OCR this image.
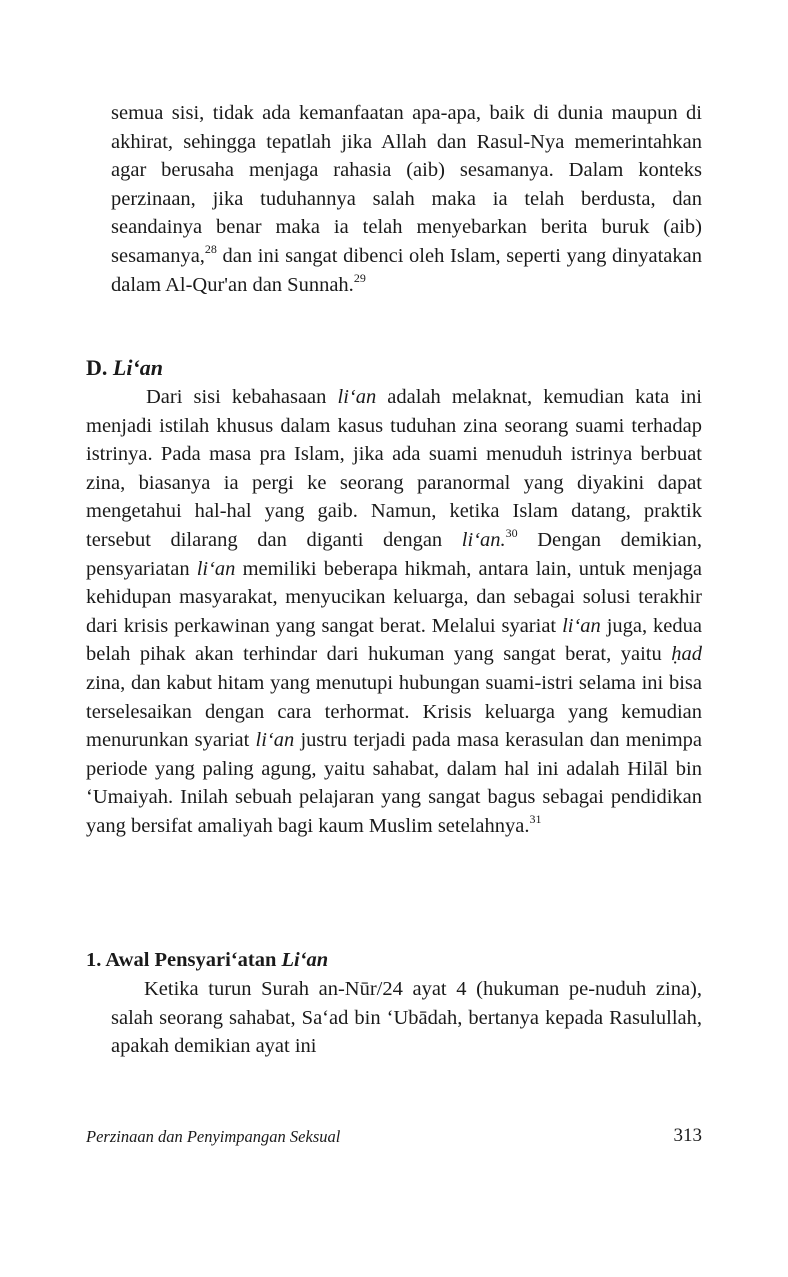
semua sisi, tidak ada kemanfaatan apa-apa, baik di dunia maupun di akhirat, sehingga tepatlah jika Allah dan Rasul-Nya memerintahkan agar berusaha menjaga rahasia (aib) sesamanya. Dalam konteks perzinaan, jika tuduhannya salah maka ia telah berdusta, dan seandainya benar maka ia telah menyebarkan berita buruk (aib) sesamanya,$^{28}$ dan ini sangat dibenci oleh Islam, seperti yang dinyatakan dalam Al-Qur'an dan Sunnah.$^{29}$

D. Li‘an

Dari sisi kebahasaan li‘an adalah melaknat, kemudian kata ini menjadi istilah khusus dalam kasus tuduhan zina seorang suami terhadap istrinya. Pada masa pra Islam, jika ada suami menuduh istrinya berbuat zina, biasanya ia pergi ke seorang paranormal yang diyakini dapat mengetahui hal-hal yang gaib. Namun, ketika Islam datang, praktik tersebut dilarang dan diganti dengan li‘an.$^{30}$ Dengan demikian, pensyariatan li‘an memiliki beberapa hikmah, antara lain, untuk menjaga kehidupan masyarakat, menyucikan keluarga, dan sebagai solusi terakhir dari krisis perkawinan yang sangat berat. Melalui syariat li‘an juga, kedua belah pihak akan terhindar dari hukuman yang sangat berat, yaitu ḥad zina, dan kabut hitam yang menutupi hubungan suami-istri selama ini bisa terselesaikan dengan cara terhormat. Krisis keluarga yang kemudian menurunkan syariat li‘an justru terjadi pada masa kerasulan dan menimpa periode yang paling agung, yaitu sahabat, dalam hal ini adalah Hilāl bin ‘Umaiyah. Inilah sebuah pelajaran yang sangat bagus sebagai pendidikan yang bersifat amaliyah bagi kaum Muslim setelahnya.$^{31}$

1. Awal Pensyari‘atan Li‘an

Ketika turun Surah an-Nūr/24 ayat 4 (hukuman pe-nuduh zina), salah seorang sahabat, Sa‘ad bin ‘Ubādah, bertanya kepada Rasulullah, apakah demikian ayat ini

Perzinaan dan Penyimpangan Seksual	313
